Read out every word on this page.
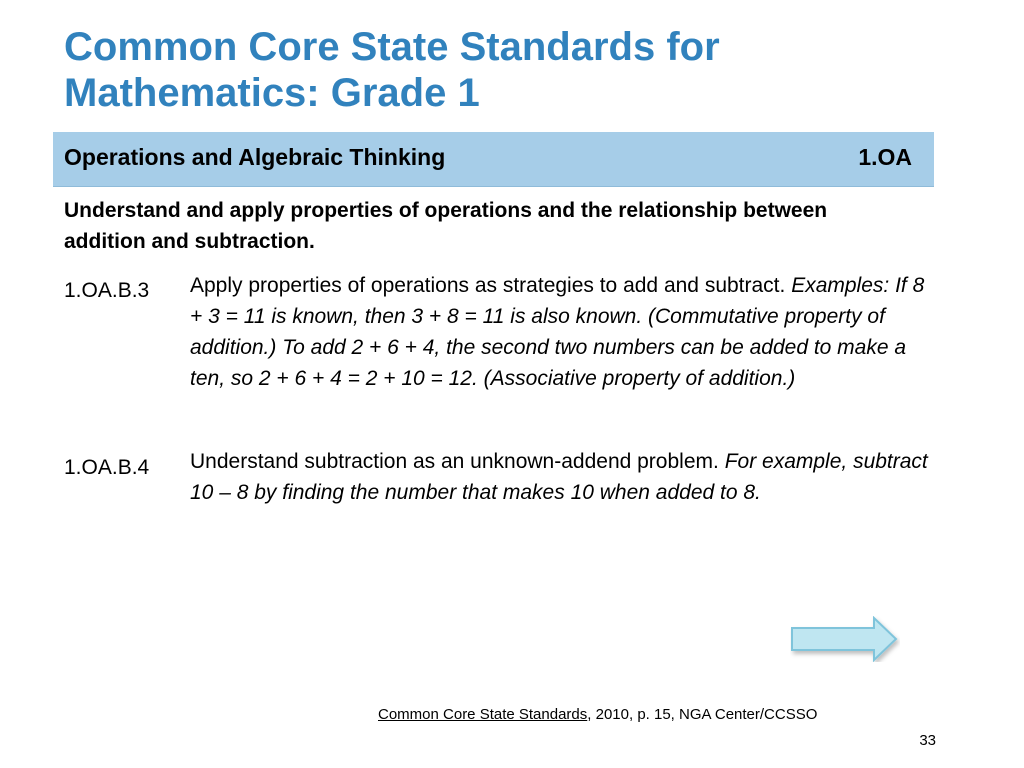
Common Core State Standards for
Mathematics: Grade 1
Operations and Algebraic Thinking	1.OA
Understand and apply properties of operations and the relationship between addition and subtraction.
1.OA.B.3 Apply properties of operations as strategies to add and subtract. Examples: If 8 + 3 = 11 is known, then 3 + 8 = 11 is also known. (Commutative property of addition.) To add 2 + 6 + 4, the second two numbers can be added to make a ten, so 2 + 6 + 4 = 2 + 10 = 12. (Associative property of addition.)
1.OA.B.4 Understand subtraction as an unknown-addend problem. For example, subtract 10 – 8 by finding the number that makes 10 when added to 8.
Common Core State Standards, 2010, p. 15, NGA Center/CCSSO
33
